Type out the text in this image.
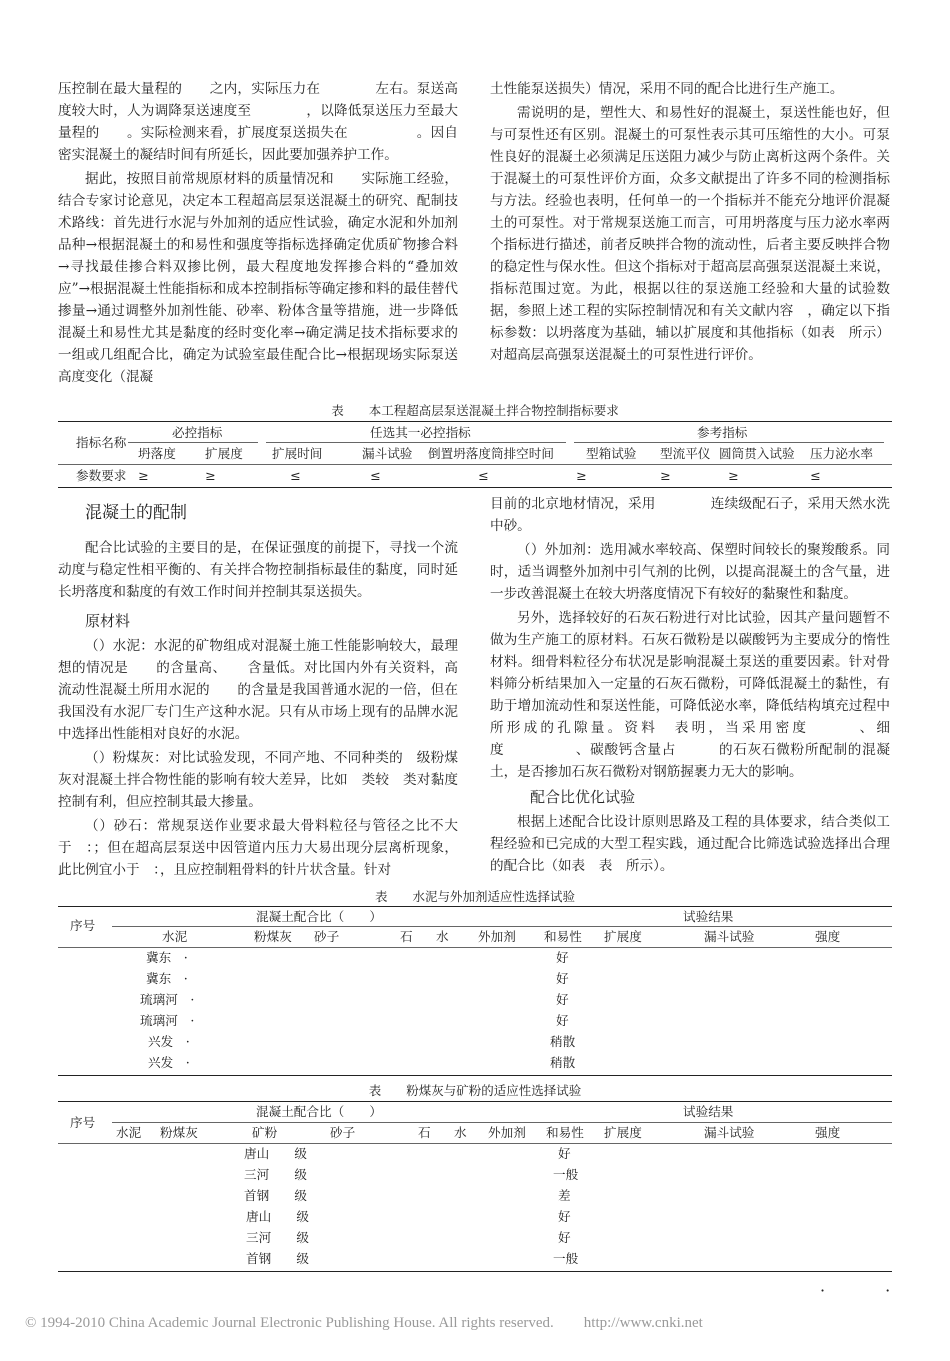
压控制在最大量程的　　之内，实际压力在　　　　左右。泵送高度较大时，人为调降泵送速度至　　　　，以降低泵送压力至最大量程的　　。实际检测来看，扩展度泵送损失在　　　　　。因自密实混凝土的凝结时间有所延长，因此要加强养护工作。

据此，按照目前常规原材料的质量情况和　　实际施工经验，结合专家讨论意见，决定本工程超高层泵送混凝土的研究、配制技术路线：首先进行水泥与外加剂的适应性试验，确定水泥和外加剂品种→根据混凝土的和易性和强度等指标选择确定优质矿物掺合料→寻找最佳掺合料双掺比例，最大程度地发挥掺合料的“叠加效应”→根据混凝土性能指标和成本控制指标等确定掺和料的最佳替代掺量→通过调整外加剂性能、砂率、粉体含量等措施，进一步降低混凝土和易性尤其是黏度的经时变化率→确定满足技术指标要求的一组或几组配合比，确定为试验室最佳配合比→根据现场实际泵送高度变化（混凝

土性能泵送损失）情况，采用不同的配合比进行生产施工。

需说明的是，塑性大、和易性好的混凝土，泵送性能也好，但与可泵性还有区别。混凝土的可泵性表示其可压缩性的大小。可泵性良好的混凝土必须满足压送阻力减少与防止离析这两个条件。关于混凝土的可泵性评价方面，众多文献提出了许多不同的检测指标与方法。经验也表明，任何单一的一个指标并不能充分地评价混凝土的可泵性。对于常规泵送施工而言，可用坍落度与压力泌水率两个指标进行描述，前者反映拌合物的流动性，后者主要反映拌合物的稳定性与保水性。但这个指标对于超高层高强泵送混凝土来说，指标范围过宽。为此，根据以往的泵送施工经验和大量的试验数据，参照上述工程的实际控制情况和有关文献内容　，确定以下指标参数：以坍落度为基础，辅以扩展度和其他指标（如表　所示）对超高层高强泵送混凝土的可泵性进行评价。

表　　本工程超高层泵送混凝土拌合物控制指标要求
指标名称
必控指标	任选其一必控指标	参考指标
坍落度 扩展度 扩展时间	漏斗试验 倒置坍落度筒排空时间	型箱试验 型流平仪 圆筒贯入试验 压力泌水率
参数要求 ≥	≥	≤	≤	≤	≥	≥	≥	≤
混凝土的配制

配合比试验的主要目的是，在保证强度的前提下，寻找一个流动度与稳定性相平衡的、有关拌合物控制指标最佳的黏度，同时延长坍落度和黏度的有效工作时间并控制其泵送损失。

原材料

（）水泥：水泥的矿物组成对混凝土施工性能影响较大，最理想的情况是　　的含量高、　　含量低。对比国内外有关资料，高流动性混凝土所用水泥的　　的含量是我国普通水泥的一倍，但在我国没有水泥厂专门生产这种水泥。只有从市场上现有的品牌水泥中选择出性能相对良好的水泥。

（）粉煤灰：对比试验发现，不同产地、不同种类的　级粉煤灰对混凝土拌合物性能的影响有较大差异，比如　类较　类对黏度控制有利，但应控制其最大掺量。

（）砂石：常规泵送作业要求最大骨料粒径与管径之比不大于　：；但在超高层泵送中因管道内压力大易出现分层离析现象，此比例宜小于　：，且应控制粗骨料的针片状含量。针对

目前的北京地材情况，采用　　　　连续级配石子，采用天然水洗中砂。

（）外加剂：选用减水率较高、保塑时间较长的聚羧酸系。同时，适当调整外加剂中引气剂的比例，以提高混凝土的含气量，进一步改善混凝土在较大坍落度情况下有较好的黏聚性和黏度。

另外，选择较好的石灰石粉进行对比试验，因其产量问题暂不做为生产施工的原材料。石灰石微粉是以碳酸钙为主要成分的惰性材料。细骨料粒径分布状况是影响混凝土泵送的重要因素。针对骨料筛分析结果加入一定量的石灰石微粉，可降低混凝土的黏性，有助于增加流动性和泵送性能，可降低泌水率，降低结构填充过程中所形成的孔隙量。资料　表明，当采用密度　　　、细度　　　　　、碳酸钙含量占　　　的石灰石微粉所配制的混凝土，是否掺加石灰石微粉对钢筋握裹力无大的影响。

配合比优化试验

根据上述配合比设计原则思路及工程的具体要求，结合类似工程经验和已完成的大型工程实践，通过配合比筛选试验选择出合理的配合比（如表　表　所示）。

表　　水泥与外加剂适应性选择试验
序号
混凝土配合比（　　）	试验结果
水泥	粉煤灰 砂子	石 水 外加剂 和易性 扩展度	漏斗试验	强度
冀东　·	好
冀东　·	好
琉璃河　·	好
琉璃河　·	好
兴发　·	稍散
兴发　·	稍散
表　　粉煤灰与矿粉的适应性选择试验
序号
混凝土配合比（　　）	试验结果
水泥 粉煤灰	矿粉	砂子	石 水 外加剂 和易性 扩展度	漏斗试验	强度
唐山　　级	好
三河　　级	一般
首钢　　级	差
唐山　　级	好
三河　　级	好
首钢　　级	一般
·　·
© 1994-2010 China Academic Journal Electronic Publishing House. All rights reserved.　　http://www.cnki.net
